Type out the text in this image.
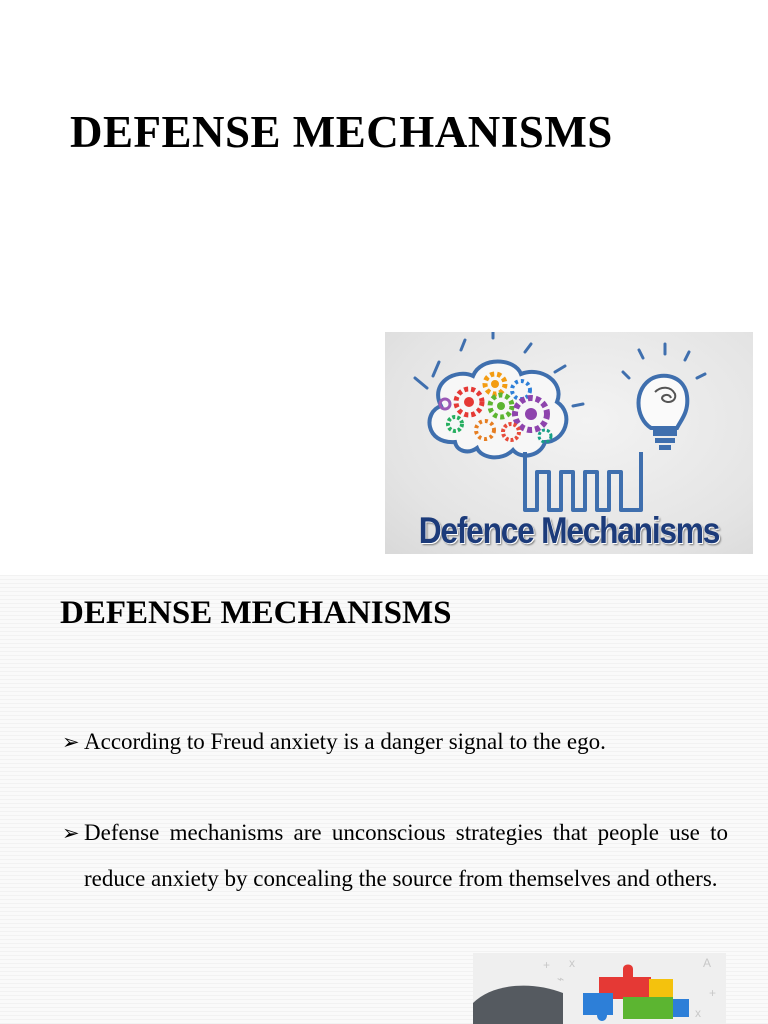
DEFENSE MECHANISMS
Defence Mechanisms
DEFENSE MECHANISMS
➢ According to Freud anxiety is a danger signal to the ego.
➢ Defense mechanisms are unconscious strategies that people use to reduce anxiety by concealing the source from themselves and others.
+ x	A
+
x
⌁
